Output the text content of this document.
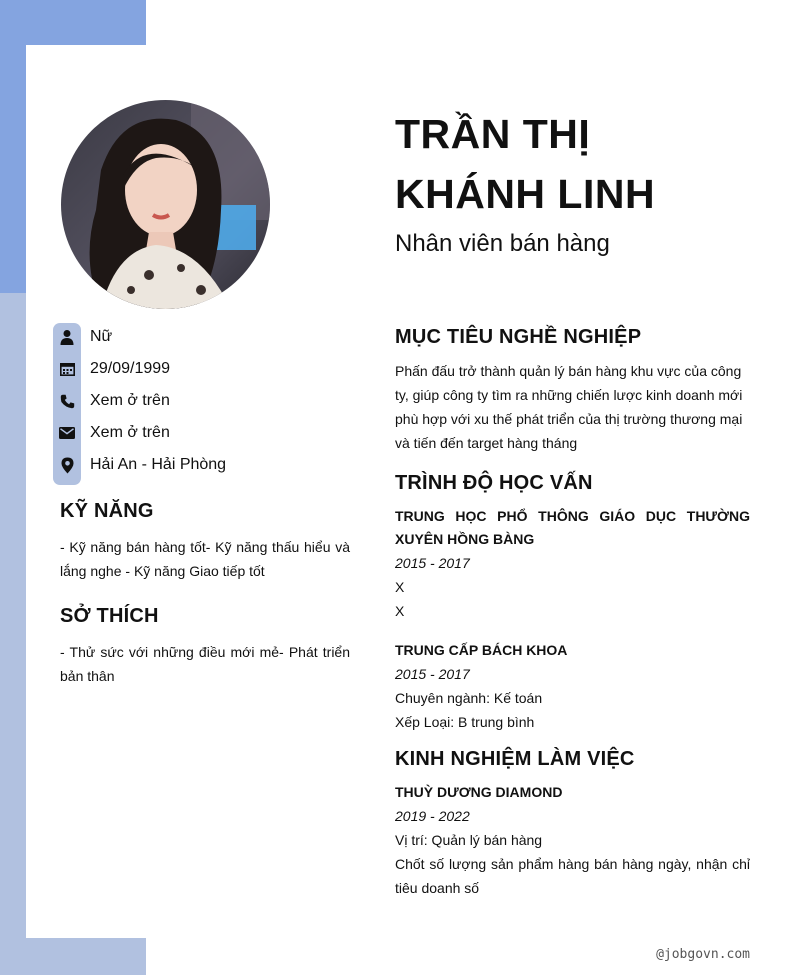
Nữ
29/09/1999
Xem ở trên
Xem ở trên
Hải An - Hải Phòng
KỸ NĂNG

- Kỹ năng bán hàng tốt- Kỹ năng thấu hiểu và lắng nghe - Kỹ năng Giao tiếp tốt

SỞ THÍCH

- Thử sức với những điều mới mẻ- Phát triển bản thân

TRẦN THỊ KHÁNH LINH
Nhân viên bán hàng
MỤC TIÊU NGHỀ NGHIỆP

Phấn đấu trở thành quản lý bán hàng khu vực của công ty, giúp công ty tìm ra những chiến lược kinh doanh mới phù hợp với xu thế phát triển của thị trường thương mại và tiến đến target hàng tháng

TRÌNH ĐỘ HỌC VẤN
TRUNG HỌC PHỔ THÔNG GIÁO DỤC THƯỜNG XUYÊN HỒNG BÀNG
2015 - 2017
X
X
TRUNG CẤP BÁCH KHOA
2015 - 2017
Chuyên ngành: Kế toán
Xếp Loại: B trung bình
KINH NGHIỆM LÀM VIỆC
THUỲ DƯƠNG DIAMOND
2019 - 2022
Vị trí: Quản lý bán hàng
Chốt số lượng sản phẩm hàng bán hàng ngày, nhận chỉ tiêu doanh số
@jobgovn.com
